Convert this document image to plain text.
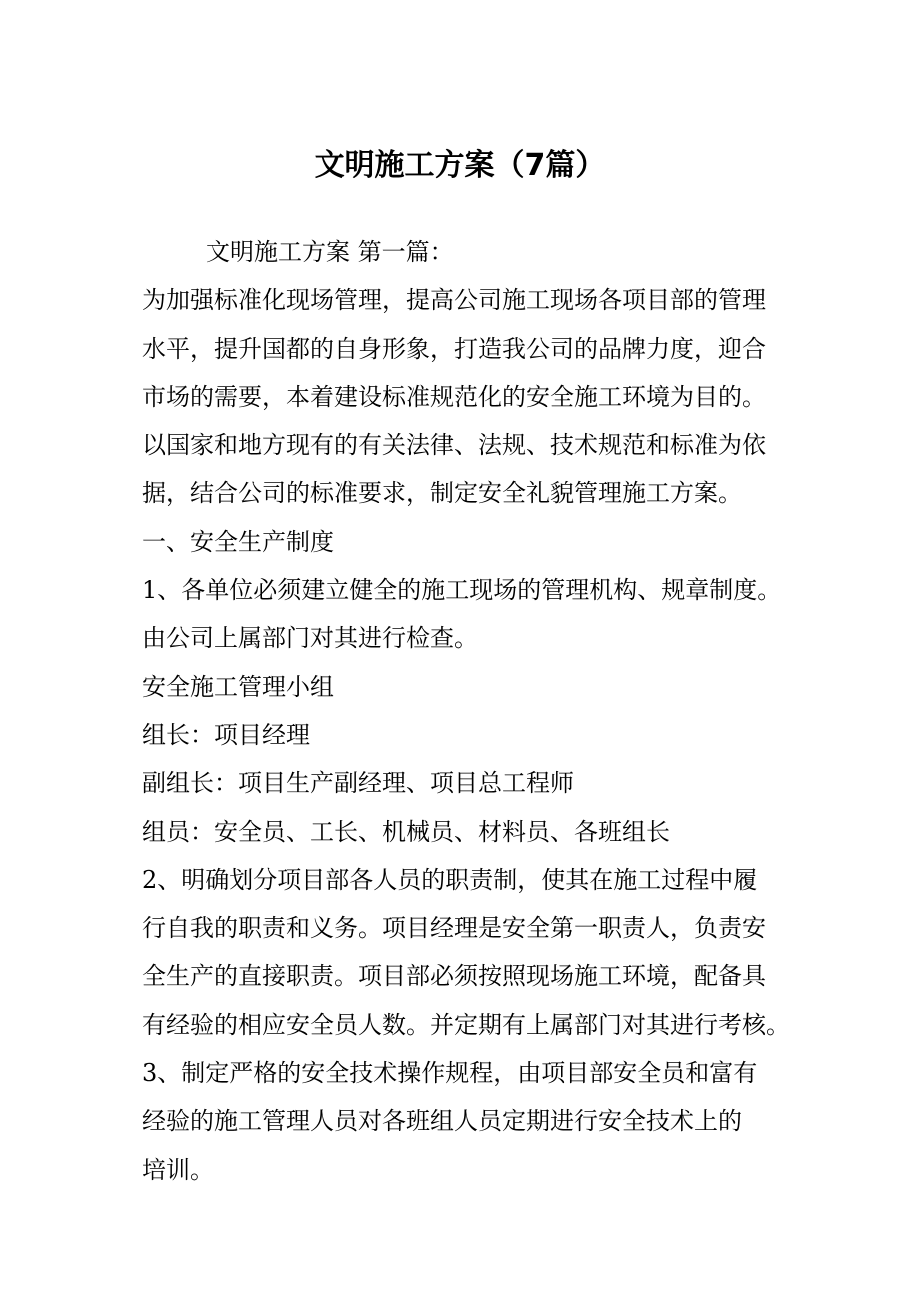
文明施工方案（7篇）
文明施工方案 第一篇：
为加强标准化现场管理，提高公司施工现场各项目部的管理
水平，提升国都的自身形象，打造我公司的品牌力度，迎合
市场的需要，本着建设标准规范化的安全施工环境为目的。
以国家和地方现有的有关法律、法规、技术规范和标准为依
据，结合公司的标准要求，制定安全礼貌管理施工方案。
一、安全生产制度
1、各单位必须建立健全的施工现场的管理机构、规章制度。
由公司上属部门对其进行检查。
安全施工管理小组
组长：项目经理
副组长：项目生产副经理、项目总工程师
组员：安全员、工长、机械员、材料员、各班组长
2、明确划分项目部各人员的职责制，使其在施工过程中履
行自我的职责和义务。项目经理是安全第一职责人，负责安
全生产的直接职责。项目部必须按照现场施工环境，配备具
有经验的相应安全员人数。并定期有上属部门对其进行考核。
3、制定严格的安全技术操作规程，由项目部安全员和富有
经验的施工管理人员对各班组人员定期进行安全技术上的
培训。
